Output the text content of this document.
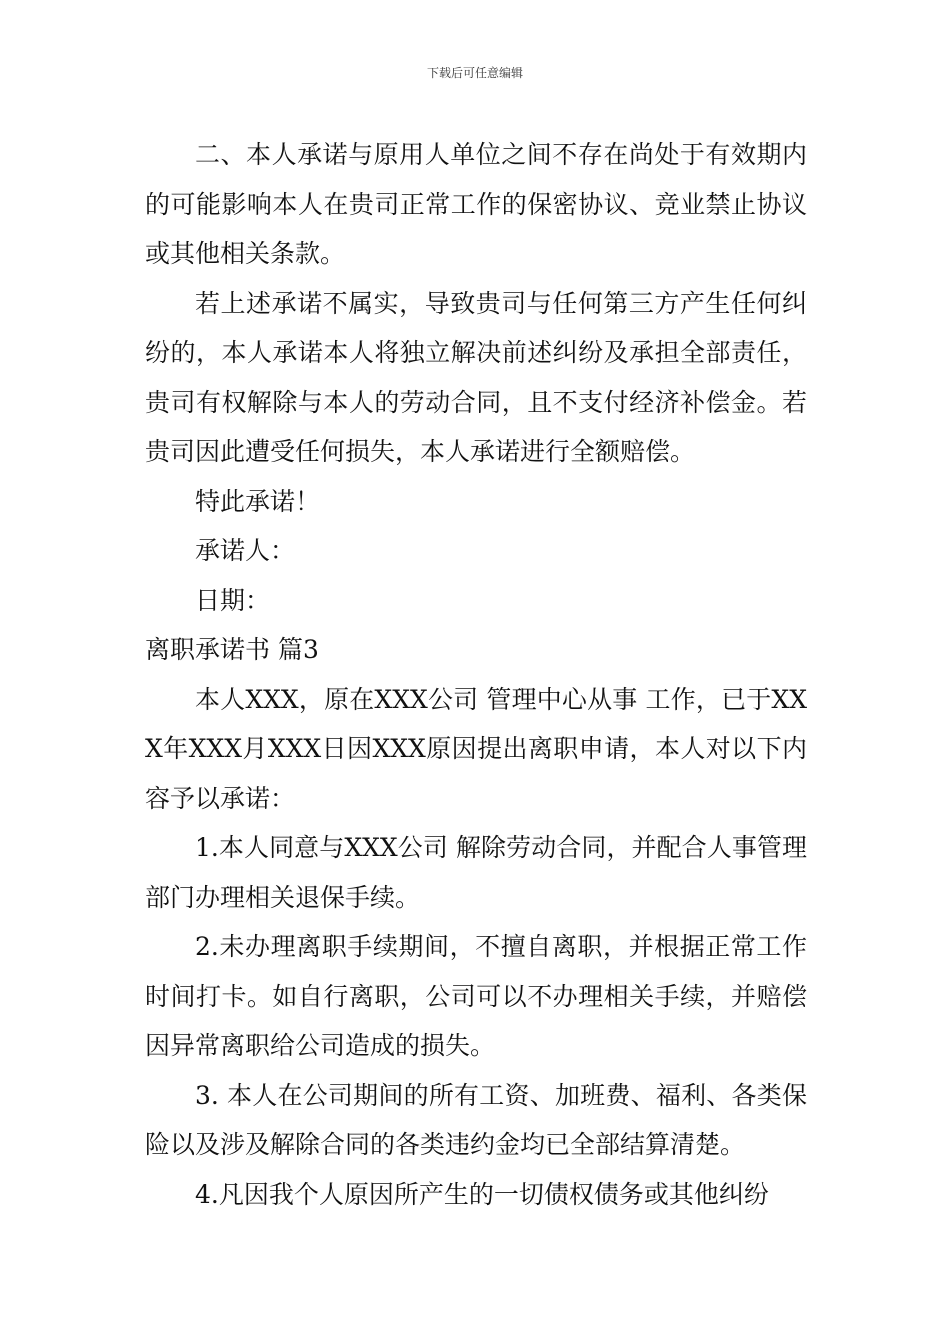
下载后可任意编辑

二、本人承诺与原用人单位之间不存在尚处于有效期内的可能影响本人在贵司正常工作的保密协议、竞业禁止协议或其他相关条款。

若上述承诺不属实，导致贵司与任何第三方产生任何纠纷的，本人承诺本人将独立解决前述纠纷及承担全部责任，贵司有权解除与本人的劳动合同，且不支付经济补偿金。若贵司因此遭受任何损失，本人承诺进行全额赔偿。

特此承诺！

承诺人：

日期：

离职承诺书 篇3

本人XXX，原在XXX公司 管理中心从事 工作，已于XXX年XXX月XXX日因XXX原因提出离职申请，本人对以下内容予以承诺：

1.本人同意与XXX公司 解除劳动合同，并配合人事管理部门办理相关退保手续。

2.未办理离职手续期间，不擅自离职，并根据正常工作时间打卡。如自行离职，公司可以不办理相关手续，并赔偿因异常离职给公司造成的损失。

3. 本人在公司期间的所有工资、加班费、福利、各类保险以及涉及解除合同的各类违约金均已全部结算清楚。

4.凡因我个人原因所产生的一切债权债务或其他纠纷
